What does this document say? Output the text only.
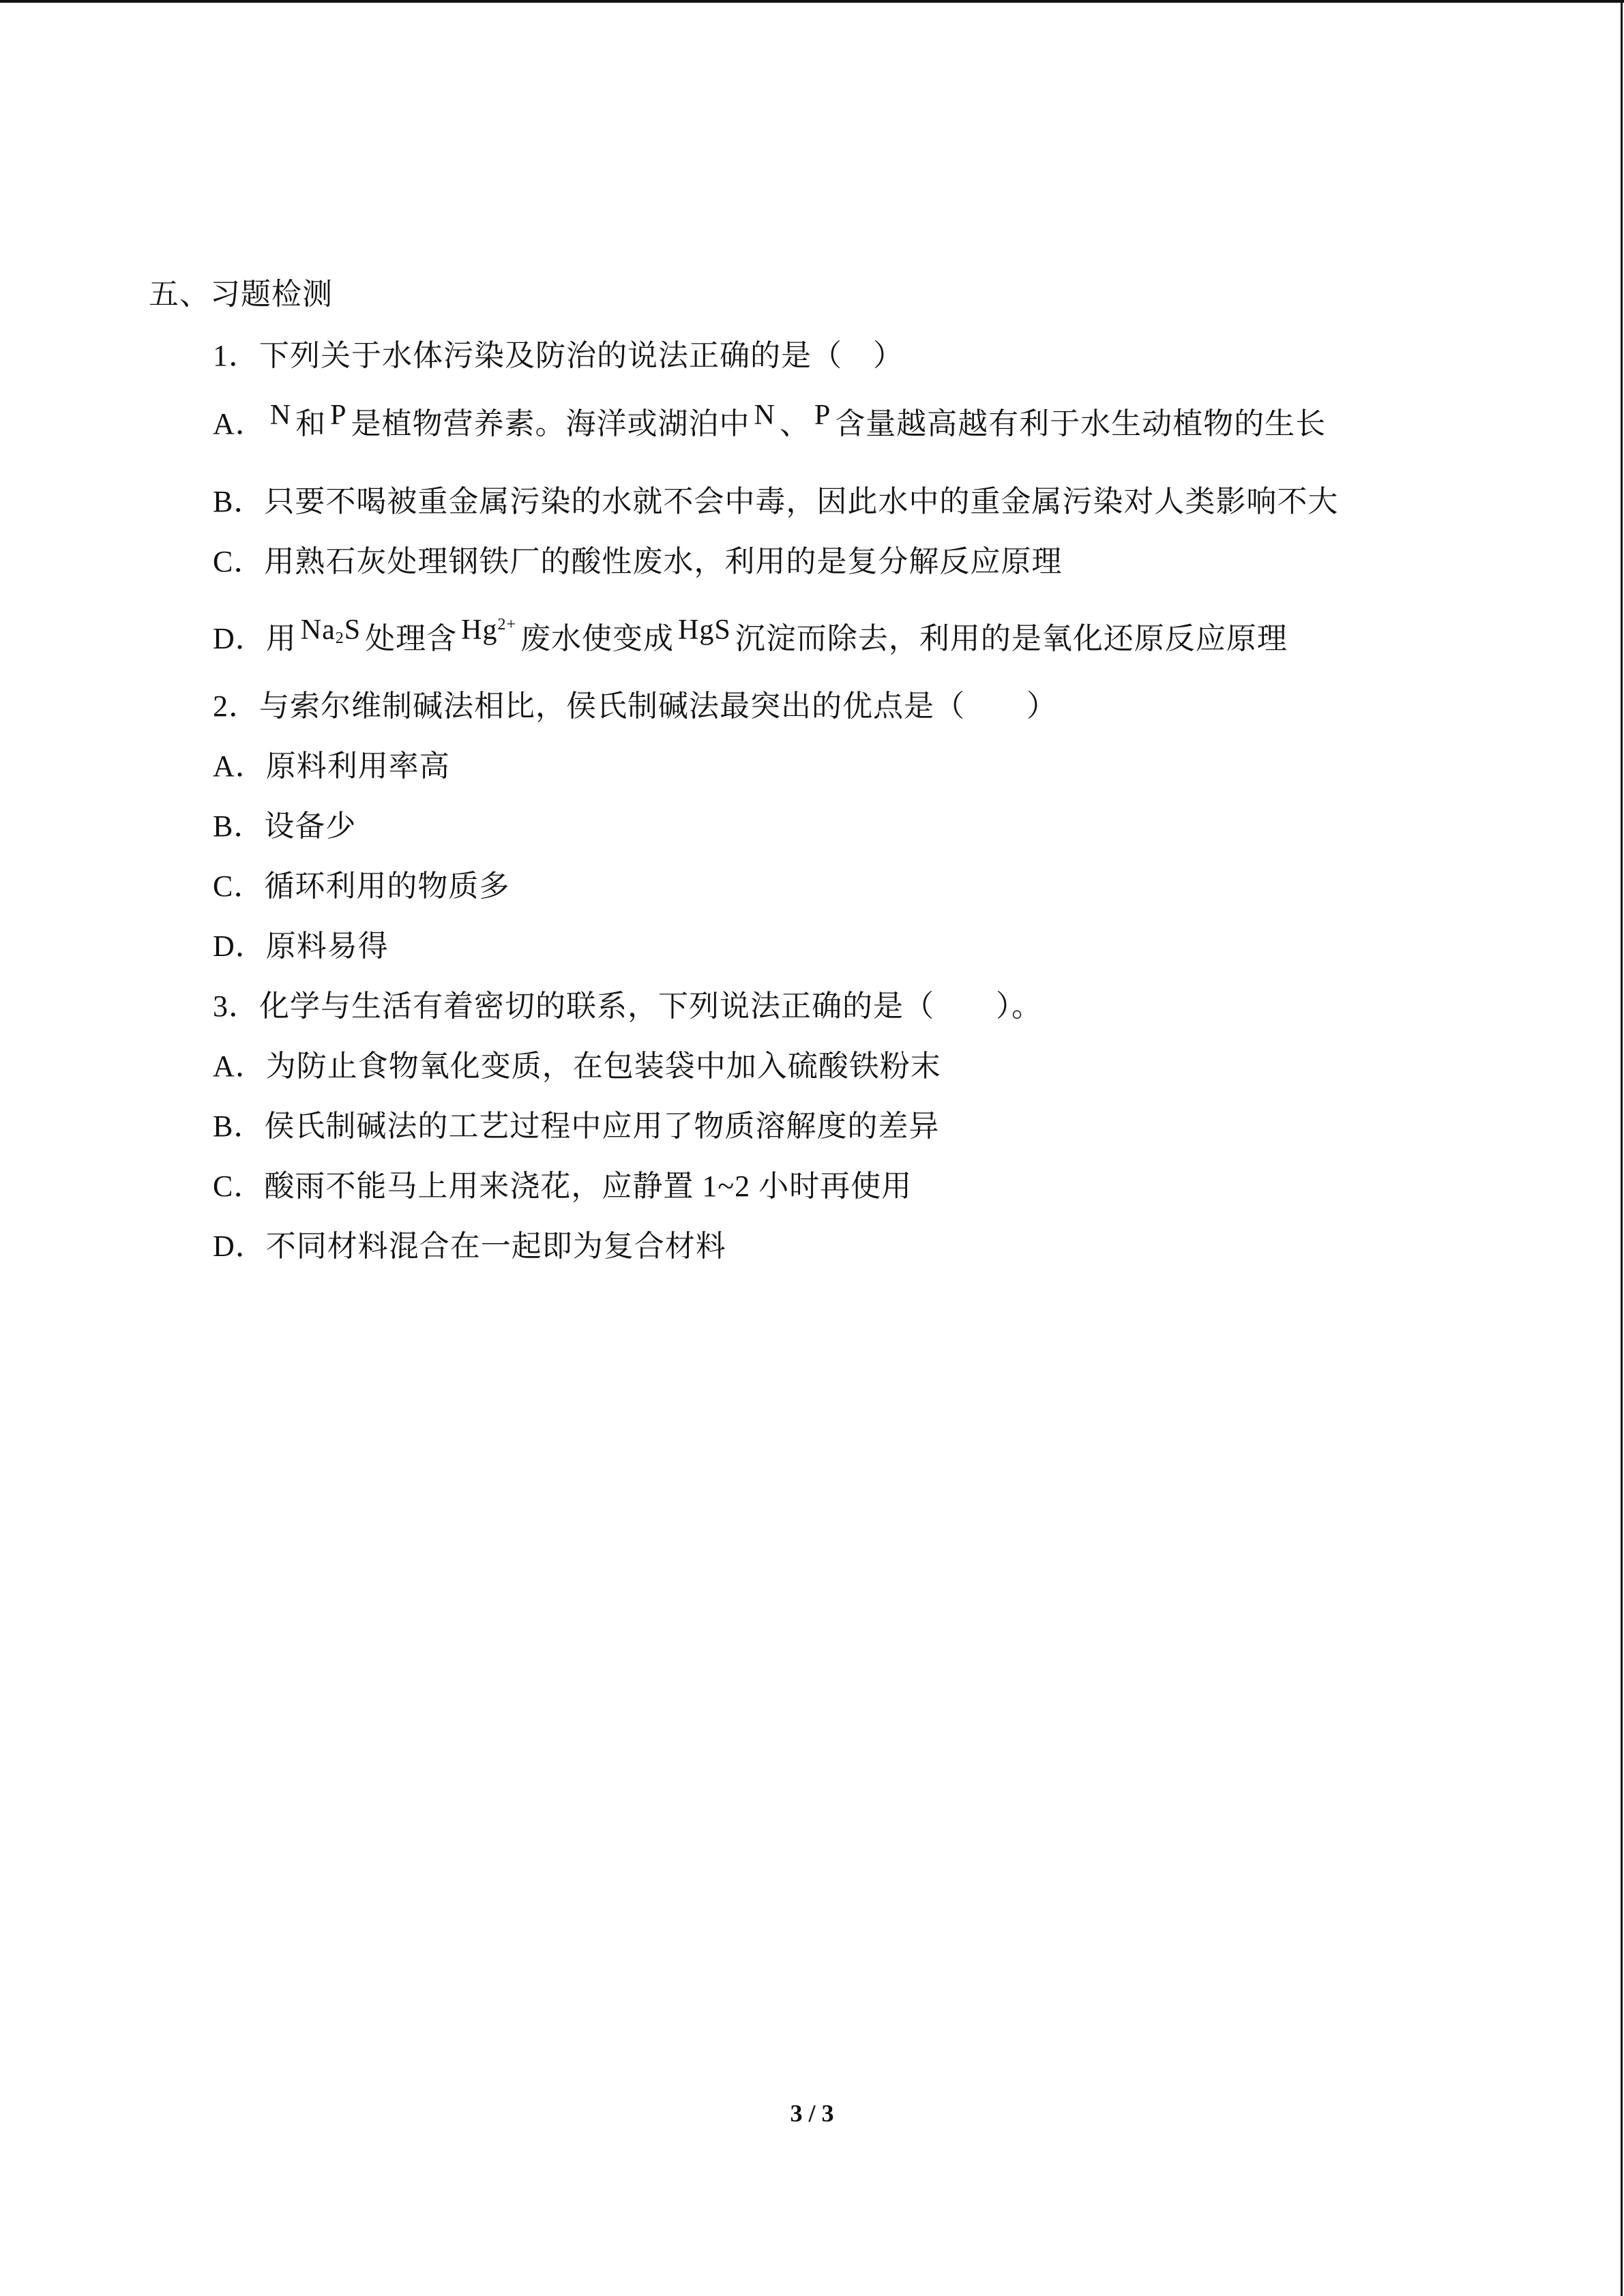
五、习题检测
1．下列关于水体污染及防治的说法正确的是（　）
A． N 和 P 是植物营养素。海洋或湖泊中 N 、 P 含量越高越有利于水生动植物的生长
B．只要不喝被重金属污染的水就不会中毒，因此水中的重金属污染对人类影响不大
C．用熟石灰处理钢铁厂的酸性废水，利用的是复分解反应原理
D．用 $Na_2S$ 处理含 $Hg^{2+}$ 废水使变成 HgS 沉淀而除去，利用的是氧化还原反应原理
2．与索尔维制碱法相比，侯氏制碱法最突出的优点是（　　）
A．原料利用率高
B．设备少
C．循环利用的物质多
D．原料易得
3．化学与生活有着密切的联系，下列说法正确的是（　　）。
A．为防止食物氧化变质，在包装袋中加入硫酸铁粉末
B．侯氏制碱法的工艺过程中应用了物质溶解度的差异
C．酸雨不能马上用来浇花，应静置 1~2 小时再使用
D．不同材料混合在一起即为复合材料
3 / 3
